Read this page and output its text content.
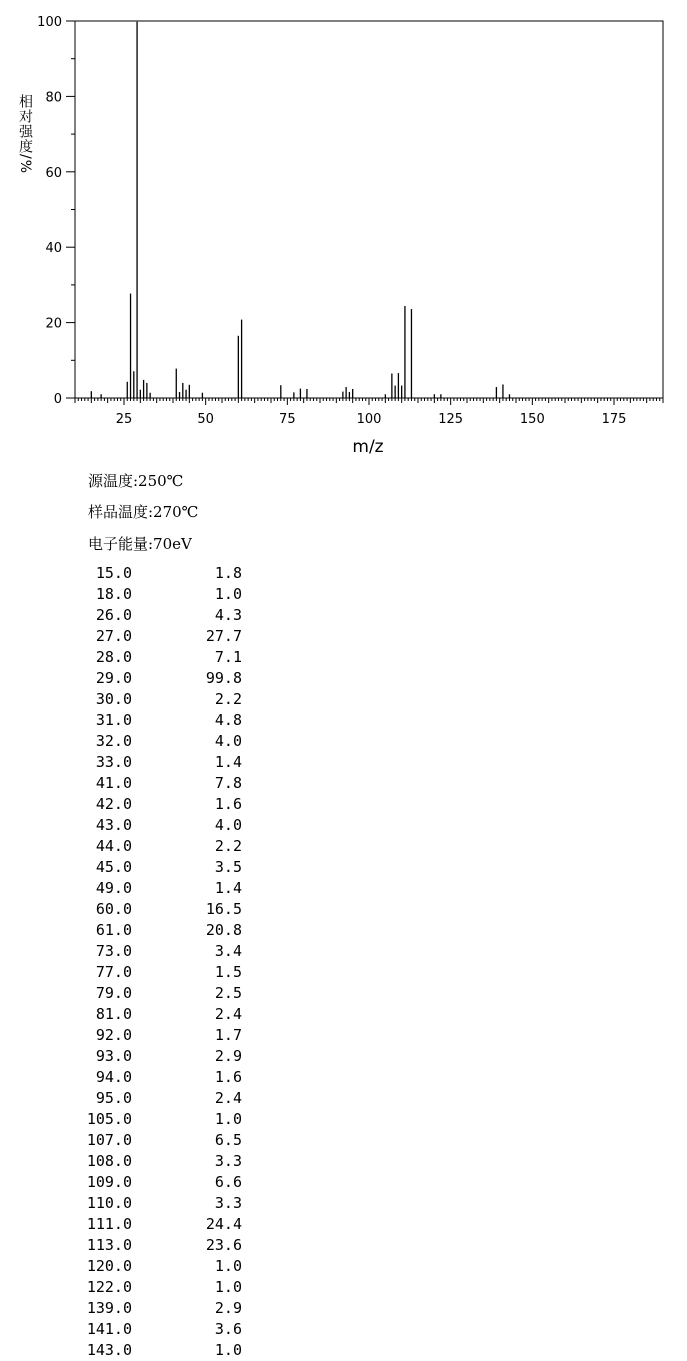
25	50	75	100	125	150	175
0
20
40
60
80
100
m/z
相对强度/%
源温度:250℃
样品温度:270℃
电子能量:70eV
15.0	1.8
18.0	1.0
26.0	4.3
27.0	27.7
28.0	7.1
29.0	99.8
30.0	2.2
31.0	4.8
32.0	4.0
33.0	1.4
41.0	7.8
42.0	1.6
43.0	4.0
44.0	2.2
45.0	3.5
49.0	1.4
60.0	16.5
61.0	20.8
73.0	3.4
77.0	1.5
79.0	2.5
81.0	2.4
92.0	1.7
93.0	2.9
94.0	1.6
95.0	2.4
105.0	1.0
107.0	6.5
108.0	3.3
109.0	6.6
110.0	3.3
111.0	24.4
113.0	23.6
120.0	1.0
122.0	1.0
139.0	2.9
141.0	3.6
143.0	1.0
